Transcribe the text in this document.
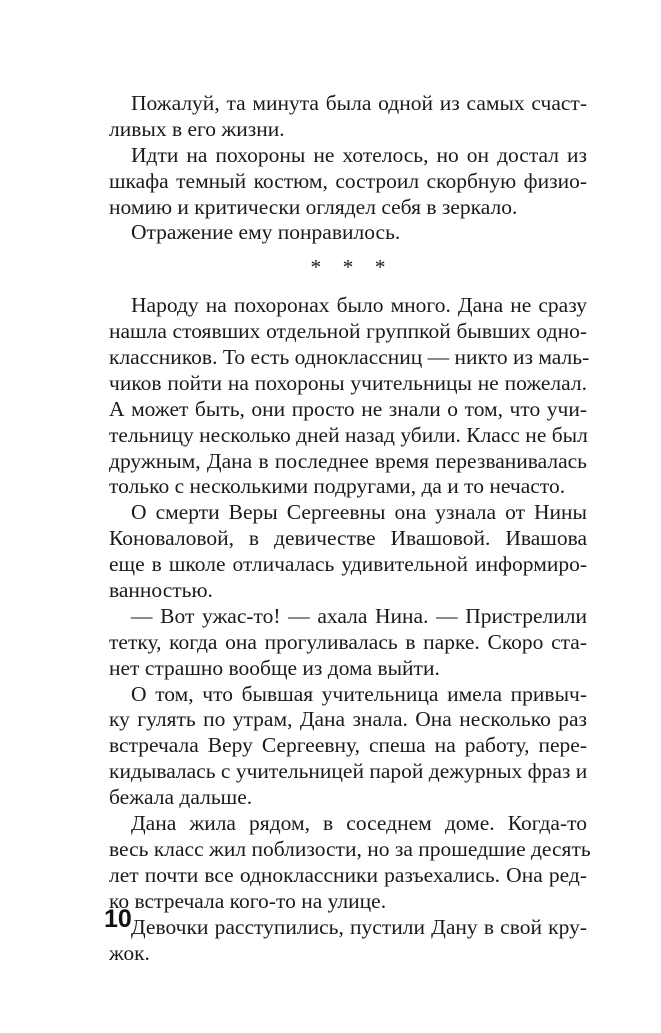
Пожалуй, та минута была одной из самых счаст-
ливых в его жизни.
Идти на похороны не хотелось, но он достал из
шкафа темный костюм, состроил скорбную физио-
номию и критически оглядел себя в зеркало.
Отражение ему понравилось.
* * *
Народу на похоронах было много. Дана не сразу
нашла стоявших отдельной группкой бывших одно-
классников. То есть одноклассниц — никто из маль-
чиков пойти на похороны учительницы не пожелал.
А может быть, они просто не знали о том, что учи-
тельницу несколько дней назад убили. Класс не был
дружным, Дана в последнее время перезванивалась
только с несколькими подругами, да и то нечасто.
О смерти Веры Сергеевны она узнала от Нины
Коноваловой, в девичестве Ивашовой. Ивашова
еще в школе отличалась удивительной информиро-
ванностью.
— Вот ужас-то! — ахала Нина. — Пристрелили
тетку, когда она прогуливалась в парке. Скоро ста-
нет страшно вообще из дома выйти.
О том, что бывшая учительница имела привыч-
ку гулять по утрам, Дана знала. Она несколько раз
встречала Веру Сергеевну, спеша на работу, пере-
кидывалась с учительницей парой дежурных фраз и
бежала дальше.
Дана жила рядом, в соседнем доме. Когда-то
весь класс жил поблизости, но за прошедшие десять
лет почти все одноклассники разъехались. Она ред-
ко встречала кого-то на улице.
Девочки расступились, пустили Дану в свой кру-
жок.
10
